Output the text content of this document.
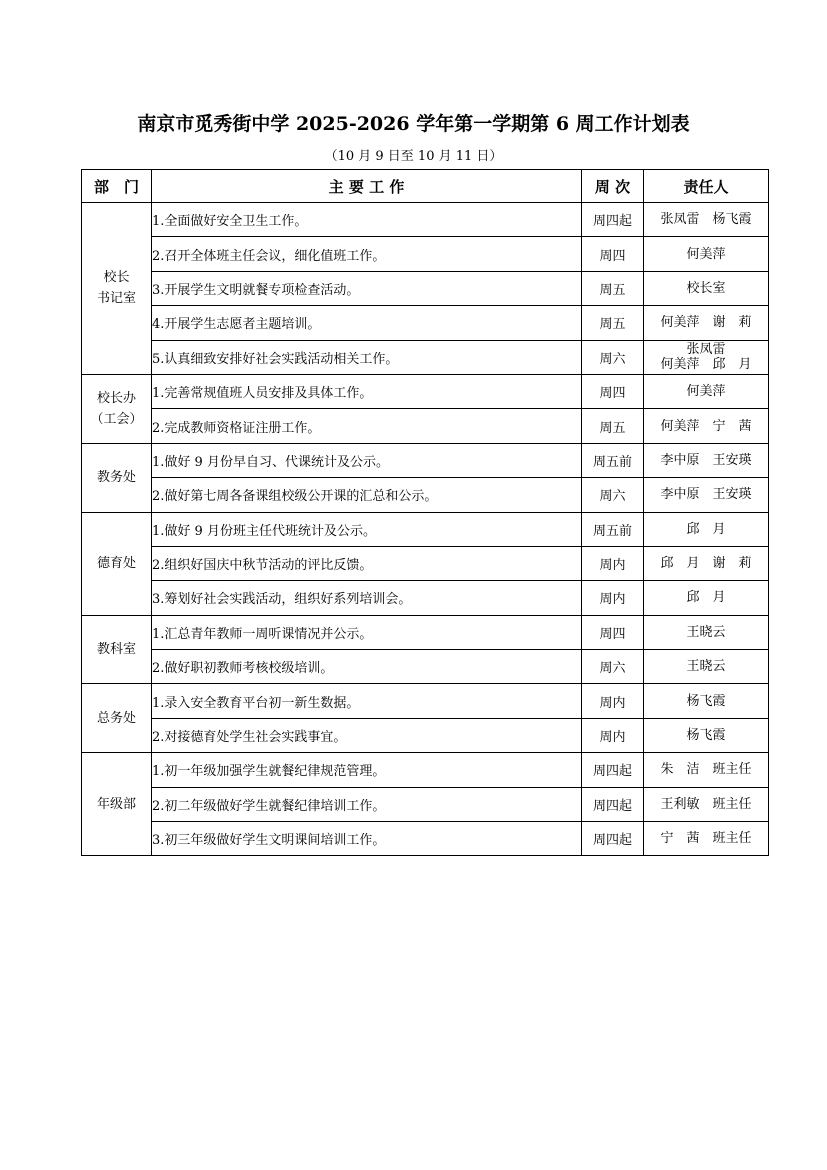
南京市觅秀街中学 2025-2026 学年第一学期第 6 周工作计划表
（10 月 9 日至 10 月 11 日）
部　门	主 要 工 作	周 次	责任人

校长
书记室	1.全面做好安全卫生工作。	周四起	张凤雷　杨飞霞

	2.召开全体班主任会议，细化值班工作。	周四	何美萍

	3.开展学生文明就餐专项检查活动。	周五	校长室

	4.开展学生志愿者主题培训。	周五	何美萍　谢　莉

	5.认真细致安排好社会实践活动相关工作。	周六	张凤雷
何美萍　邱　月

校长办
（工会）	1.完善常规值班人员安排及具体工作。	周四	何美萍

	2.完成教师资格证注册工作。	周五	何美萍　宁　茜

教务处	1.做好 9 月份早自习、代课统计及公示。	周五前	李中原　王安瑛

	2.做好第七周各备课组校级公开课的汇总和公示。	周六	李中原　王安瑛

德育处	1.做好 9 月份班主任代班统计及公示。	周五前	邱　月

	2.组织好国庆中秋节活动的评比反馈。	周内	邱　月　谢　莉

	3.筹划好社会实践活动，组织好系列培训会。	周内	邱　月

教科室	1.汇总青年教师一周听课情况并公示。	周四	王晓云

	2.做好职初教师考核校级培训。	周六	王晓云

总务处	1.录入安全教育平台初一新生数据。	周内	杨飞霞

	2.对接德育处学生社会实践事宜。	周内	杨飞霞

年级部	1.初一年级加强学生就餐纪律规范管理。	周四起	朱　洁　班主任

	2.初二年级做好学生就餐纪律培训工作。	周四起	王利敏　班主任

	3.初三年级做好学生文明课间培训工作。	周四起	宁　茜　班主任
